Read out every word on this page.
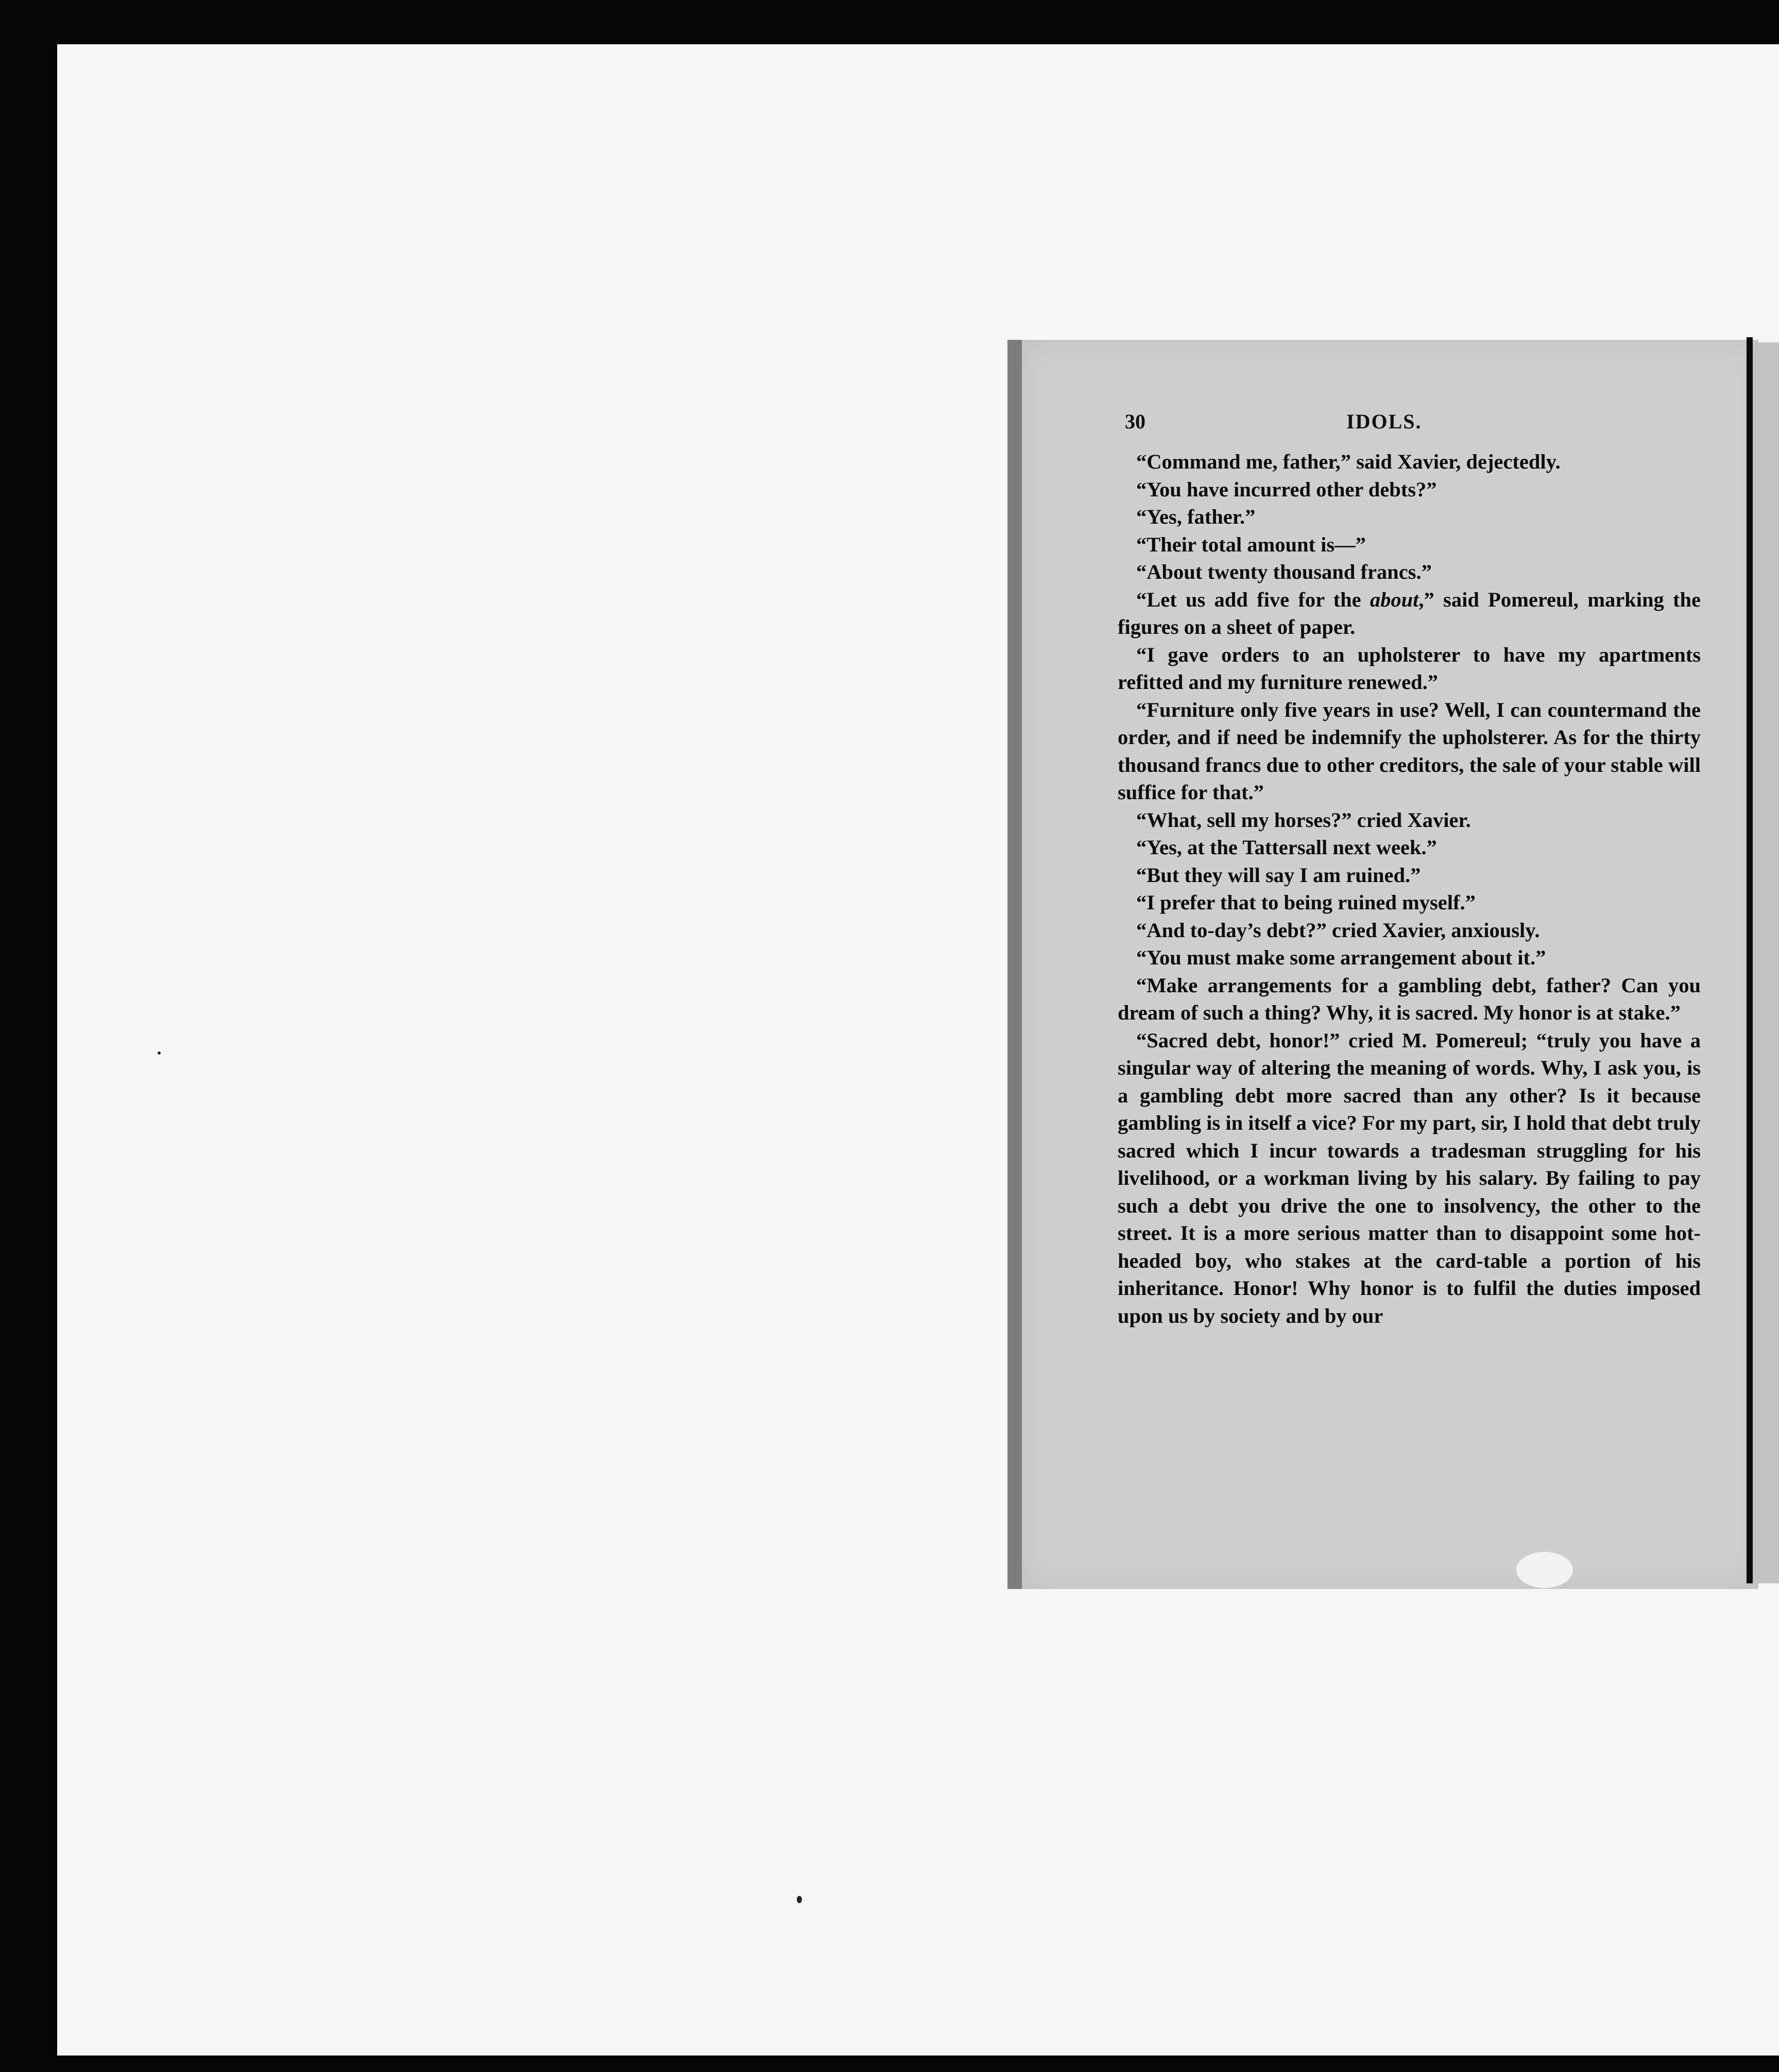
30	IDOLS.

“Command me, father,” said Xavier, dejectedly.

“You have incurred other debts?”

“Yes, father.”

“Their total amount is—”

“About twenty thousand francs.”

“Let us add five for the about,” said Pomereul, marking the figures on a sheet of paper.

“I gave orders to an upholsterer to have my apartments refitted and my furniture renewed.”

“Furniture only five years in use? Well, I can countermand the order, and if need be indemnify the upholsterer. As for the thirty thousand francs due to other creditors, the sale of your stable will suffice for that.”

“What, sell my horses?” cried Xavier.

“Yes, at the Tattersall next week.”

“But they will say I am ruined.”

“I prefer that to being ruined myself.”

“And to-day’s debt?” cried Xavier, anxiously.

“You must make some arrangement about it.”

“Make arrangements for a gambling debt, father? Can you dream of such a thing? Why, it is sacred. My honor is at stake.”

“Sacred debt, honor!” cried M. Pomereul; “truly you have a singular way of altering the meaning of words. Why, I ask you, is a gambling debt more sacred than any other? Is it because gambling is in itself a vice? For my part, sir, I hold that debt truly sacred which I incur towards a tradesman struggling for his livelihood, or a workman living by his salary. By failing to pay such a debt you drive the one to insolvency, the other to the street. It is a more serious matter than to disappoint some hot-headed boy, who stakes at the card-table a portion of his inheritance. Honor! Why honor is to fulfil the duties imposed upon us by society and by our
